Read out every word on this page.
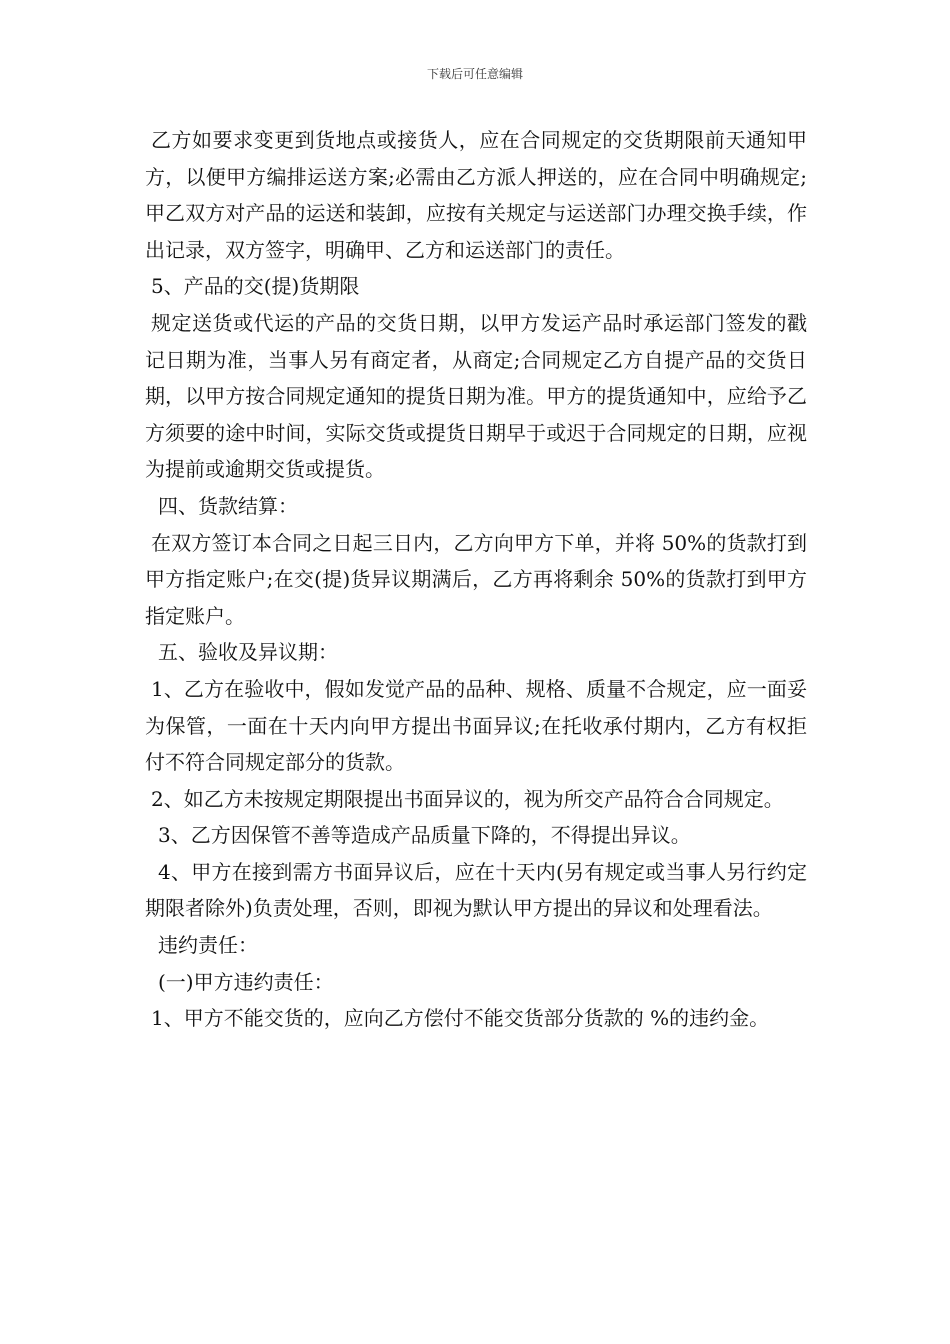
下载后可任意编辑

乙方如要求变更到货地点或接货人，应在合同规定的交货期限前天通知甲方，以便甲方编排运送方案;必需由乙方派人押送的，应在合同中明确规定;甲乙双方对产品的运送和装卸，应按有关规定与运送部门办理交换手续，作出记录，双方签字，明确甲、乙方和运送部门的责任。

5、产品的交(提)货期限

规定送货或代运的产品的交货日期，以甲方发运产品时承运部门签发的戳记日期为准，当事人另有商定者，从商定;合同规定乙方自提产品的交货日期，以甲方按合同规定通知的提货日期为准。甲方的提货通知中，应给予乙方须要的途中时间，实际交货或提货日期早于或迟于合同规定的日期，应视为提前或逾期交货或提货。

四、货款结算：

在双方签订本合同之日起三日内，乙方向甲方下单，并将 50%的货款打到甲方指定账户;在交(提)货异议期满后，乙方再将剩余 50%的货款打到甲方指定账户。

五、验收及异议期：

1、乙方在验收中，假如发觉产品的品种、规格、质量不合规定，应一面妥为保管，一面在十天内向甲方提出书面异议;在托收承付期内，乙方有权拒付不符合同规定部分的货款。

2、如乙方未按规定期限提出书面异议的，视为所交产品符合合同规定。

3、乙方因保管不善等造成产品质量下降的，不得提出异议。

4、甲方在接到需方书面异议后，应在十天内(另有规定或当事人另行约定期限者除外)负责处理，否则，即视为默认甲方提出的异议和处理看法。

违约责任：

(一)甲方违约责任：

1、甲方不能交货的，应向乙方偿付不能交货部分货款的 %的违约金。
